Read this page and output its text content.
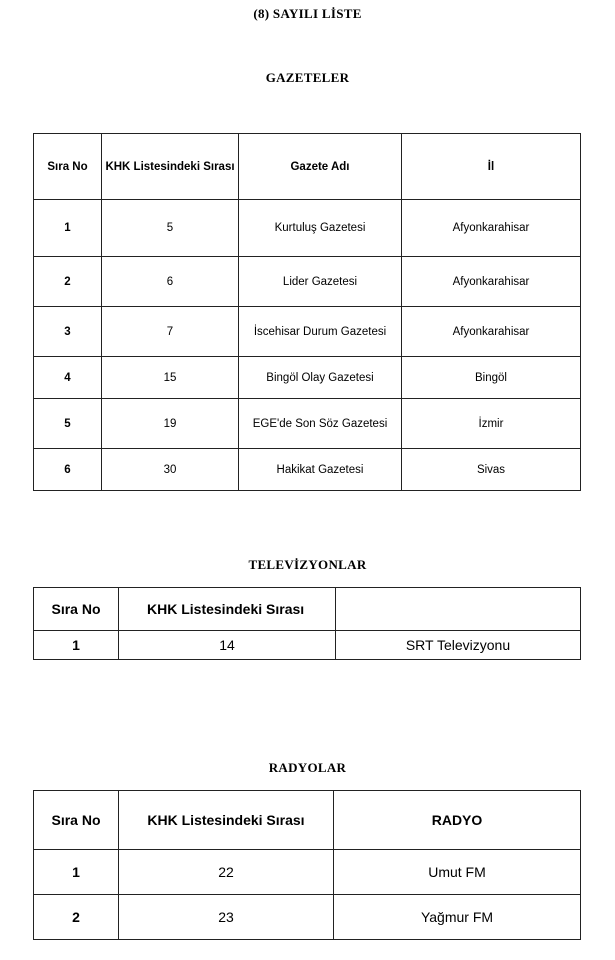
(8) SAYILI LİSTE
GAZETELER
Sıra No	KHK Listesindeki Sırası	Gazete Adı	İl
1	5	Kurtuluş Gazetesi	Afyonkarahisar
2	6	Lider Gazetesi	Afyonkarahisar
3	7	İscehisar Durum Gazetesi	Afyonkarahisar
4	15	Bingöl Olay Gazetesi	Bingöl
5	19	EGE'de Son Söz Gazetesi	İzmir
6	30	Hakikat Gazetesi	Sivas
TELEVİZYONLAR
Sıra No	KHK Listesindeki Sırası	
1	14	SRT Televizyonu
RADYOLAR
Sıra No	KHK Listesindeki Sırası	RADYO
1	22	Umut FM
2	23	Yağmur FM
